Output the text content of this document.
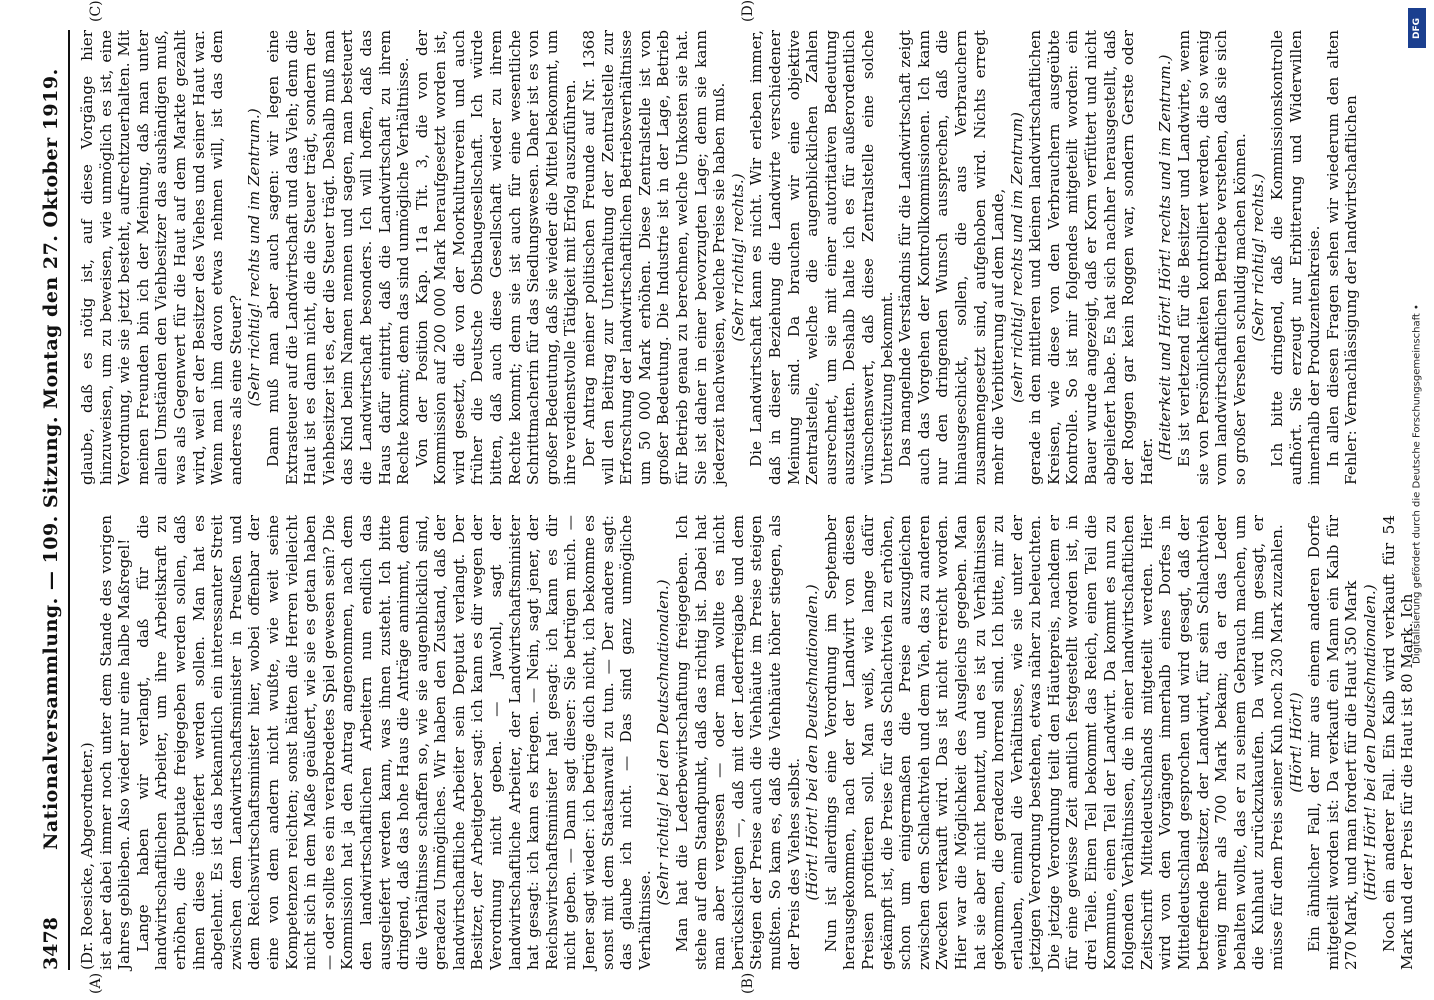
3478
Nationalversammlung. — 109. Sitzung. Montag den 27. Oktober 1919.
(A)	(B)
(C)	(D)

(Dr. Roesicke, Abgeordneter.) ist aber dabei immer noch unter dem Stande des vorigen Jahres geblieben. Also wieder nur eine halbe Maßregel! Lange haben wir verlangt, daß für die landwirtschaftlichen Arbeiter, um ihre Arbeitskraft zu erhöhen, die Deputate freigegeben werden sollen, daß ihnen diese überliefert werden sollen. Man hat es abgelehnt. Es ist das bekanntlich ein interessanter Streit zwischen dem Landwirtschaftsminister in Preußen und dem Reichswirtschaftsminister hier, wobei offenbar der eine von dem andern nicht wußte, wie weit seine Kompetenzen reichten; sonst hätten die Herren vielleicht nicht sich in dem Maße geäußert, wie sie es getan haben — oder sollte es ein verabredetes Spiel gewesen sein? Die Kommission hat ja den Antrag angenommen, nach dem den landwirtschaftlichen Arbeitern nun endlich das ausgeliefert werden kann, was ihnen zusteht. Ich bitte dringend, daß das hohe Haus die Anträge annimmt, denn die Verhältnisse schaffen so, wie sie augenblicklich sind, geradezu Unmögliches. Wir haben den Zustand, daß der landwirtschaftliche Arbeiter sein Deputat verlangt. Der Besitzer, der Arbeitgeber sagt: ich kann es dir wegen der Verordnung nicht geben. — Jawohl, sagt der landwirtschaftliche Arbeiter, der Landwirtschaftsminister hat gesagt: ich kann es kriegen. — Nein, sagt jener, der Reichswirtschaftsminister hat gesagt: ich kann es dir nicht geben. — Dann sagt dieser: Sie betrügen mich. — Jener sagt wieder: ich betrüge dich nicht, ich bekomme es sonst mit dem Staatsanwalt zu tun. — Der andere sagt: das glaube ich nicht. — Das sind ganz unmögliche Verhältnisse.

(Sehr richtig! bei den Deutschnationalen.) Man hat die Lederbewirtschaftung freigegeben. Ich stehe auf dem Standpunkt, daß das richtig ist. Dabei hat man aber vergessen — oder man wollte es nicht berücksichtigen —, daß mit der Lederfreigabe und dem Steigen der Preise auch die Viehhäute im Preise steigen mußten. So kam es, daß die Viehhäute höher stiegen, als der Preis des Viehes selbst. (Hört! Hört! bei den Deutschnationalen.) Nun ist allerdings eine Verordnung im September herausgekommen, nach der der Landwirt von diesen Preisen profitieren soll. Man weiß, wie lange dafür gekämpft ist, die Preise für das Schlachtvieh zu erhöhen, schon um einigermaßen die Preise auszugleichen zwischen dem Schlachtvieh und dem Vieh, das zu anderen Zwecken verkauft wird. Das ist nicht erreicht worden. Hier war die Möglichkeit des Ausgleichs gegeben. Man hat sie aber nicht benutzt, und es ist zu Verhältnissen gekommen, die geradezu horrend sind. Ich bitte, mir zu erlauben, einmal die Verhältnisse, wie sie unter der jetzigen Verordnung bestehen, etwas näher zu beleuchten. Die jetzige Verordnung teilt den Häutepreis, nachdem er für eine gewisse Zeit amtlich festgestellt worden ist, in drei Teile. Einen Teil bekommt das Reich, einen Teil die Kommune, einen Teil der Landwirt. Da kommt es nun zu folgenden Verhältnissen, die in einer landwirtschaftlichen Zeitschrift Mitteldeutschlands mitgeteilt werden. Hier wird von den Vorgängen innerhalb eines Dorfes in Mitteldeutschland gesprochen und wird gesagt, daß der betreffende Besitzer, der Landwirt, für sein Schlachtvieh wenig mehr als 700 Mark bekam; da er das Leder behalten wollte, das er zu seinem Gebrauch machen, um die Kuhhaut zurückzukaufen. Da wird ihm gesagt, er müsse für dem Preis seiner Kuh noch 230 Mark zuzahlen. (Hört! Hört!) Ein ähnlicher Fall, der mir aus einem anderen Dorfe mitgeteilt worden ist: Da verkauft ein Mann ein Kalb für 270 Mark, und man fordert für die Haut 350 Mark (Hört! Hört! bei den Deutschnationalen.) Noch ein anderer Fall. Ein Kalb wird verkauft für 54 Mark und der Preis für die Haut ist 80 Mark. Ich

glaube, daß es nötig ist, auf diese Vorgänge hier hinzuweisen, um zu beweisen, wie unmöglich es ist, eine Verordnung, wie sie jetzt besteht, aufrechtzuerhalten. Mit meinen Freunden bin ich der Meinung, daß man unter allen Umständen den Viehbesitzer das aushändigen muß, was als Gegenwert für die Haut auf dem Markte gezahlt wird, weil er der Besitzer des Viehes und seiner Haut war. Wenn man ihm davon etwas nehmen will, ist das dem anderes als eine Steuer? (Sehr richtig! rechts und im Zentrum.) Dann muß man aber auch sagen: wir legen eine Extrasteuer auf die Landwirtschaft und das Vieh; denn die Haut ist es dann nicht, die die Steuer trägt, sondern der Viehbesitzer ist es, der die Steuer trägt. Deshalb muß man das Kind beim Namen nennen und sagen, man besteuert die Landwirtschaft besonders. Ich will hoffen, daß das Haus dafür eintritt, daß die Landwirtschaft zu ihrem Rechte kommt; denn das sind unmögliche Verhältnisse. Von der Position Kap. 11a Tit. 3, die von der Kommission auf 200 000 Mark heraufgesetzt worden ist, wird gesetzt, die von der Moorkulturverein und auch früher die Deutsche Obstbaugesellschaft. Ich würde bitten, daß auch diese Gesellschaft wieder zu ihrem Rechte kommt; denn sie ist auch für eine wesentliche Schrittmacherin für das Siedlungswesen. Daher ist es von großer Bedeutung, daß sie wieder die Mittel bekommt, um ihre verdienstvolle Tätigkeit mit Erfolg auszuführen. Der Antrag meiner politischen Freunde auf Nr. 1368 will den Beitrag zur Unterhaltung der Zentralstelle zur Erforschung der landwirtschaftlichen Betriebsverhältnisse um 50 000 Mark erhöhen. Diese Zentralstelle ist von großer Bedeutung. Die Industrie ist in der Lage, Betrieb für Betrieb genau zu berechnen, welche Unkosten sie hat. Sie ist daher in einer bevorzugten Lage; denn sie kann jederzeit nachweisen, welche Preise sie haben muß. (Sehr richtig! rechts.) Die Landwirtschaft kann es nicht. Wir erleben immer, daß in dieser Beziehung die Landwirte verschiedener Meinung sind. Da brauchen wir eine objektive Zentralstelle, welche die augenblicklichen Zahlen ausrechnet, um sie mit einer autoritativen Bedeutung auszustatten. Deshalb halte ich es für außerordentlich wünschenswert, daß diese Zentralstelle eine solche Unterstützung bekommt. Das mangelnde Verständnis für die Landwirtschaft zeigt auch das Vorgehen der Kontrollkommissionen. Ich kann nur den dringenden Wunsch aussprechen, daß die hinausgeschickt, sollen, die aus Verbrauchern zusammengesetzt sind, aufgehoben wird. Nichts erregt mehr die Verbitterung auf dem Lande, (sehr richtig! rechts und im Zentrum) gerade in den mittleren und kleinen landwirtschaftlichen Kreisen, wie diese von den Verbrauchern ausgeübte Kontrolle. So ist mir folgendes mitgeteilt worden: ein Bauer wurde angezeigt, daß er Korn verfüttert und nicht abgeliefert habe. Es hat sich nachher herausgestellt, daß der Roggen gar kein Roggen war, sondern Gerste oder Hafer.

(Heiterkeit und Hört! Hört! rechts und im Zentrum.) Es ist verletzend für die Besitzer und Landwirte, wenn sie von Persönlichkeiten kontrolliert werden, die so wenig vom landwirtschaftlichen Betriebe verstehen, daß sie sich so großer Versehen schuldig machen können. (Sehr richtig! rechts.) Ich bitte dringend, daß die Kommissionskontrolle aufhört. Sie erzeugt nur Erbitterung und Widerwillen innerhalb der Produzentenkreise. In allen diesen Fragen sehen wir wiederum den alten Fehler: Vernachlässigung der landwirtschaftlichen

DFG
Digitalisierung gefördert durch die Deutsche Forschungsgemeinschaft •
